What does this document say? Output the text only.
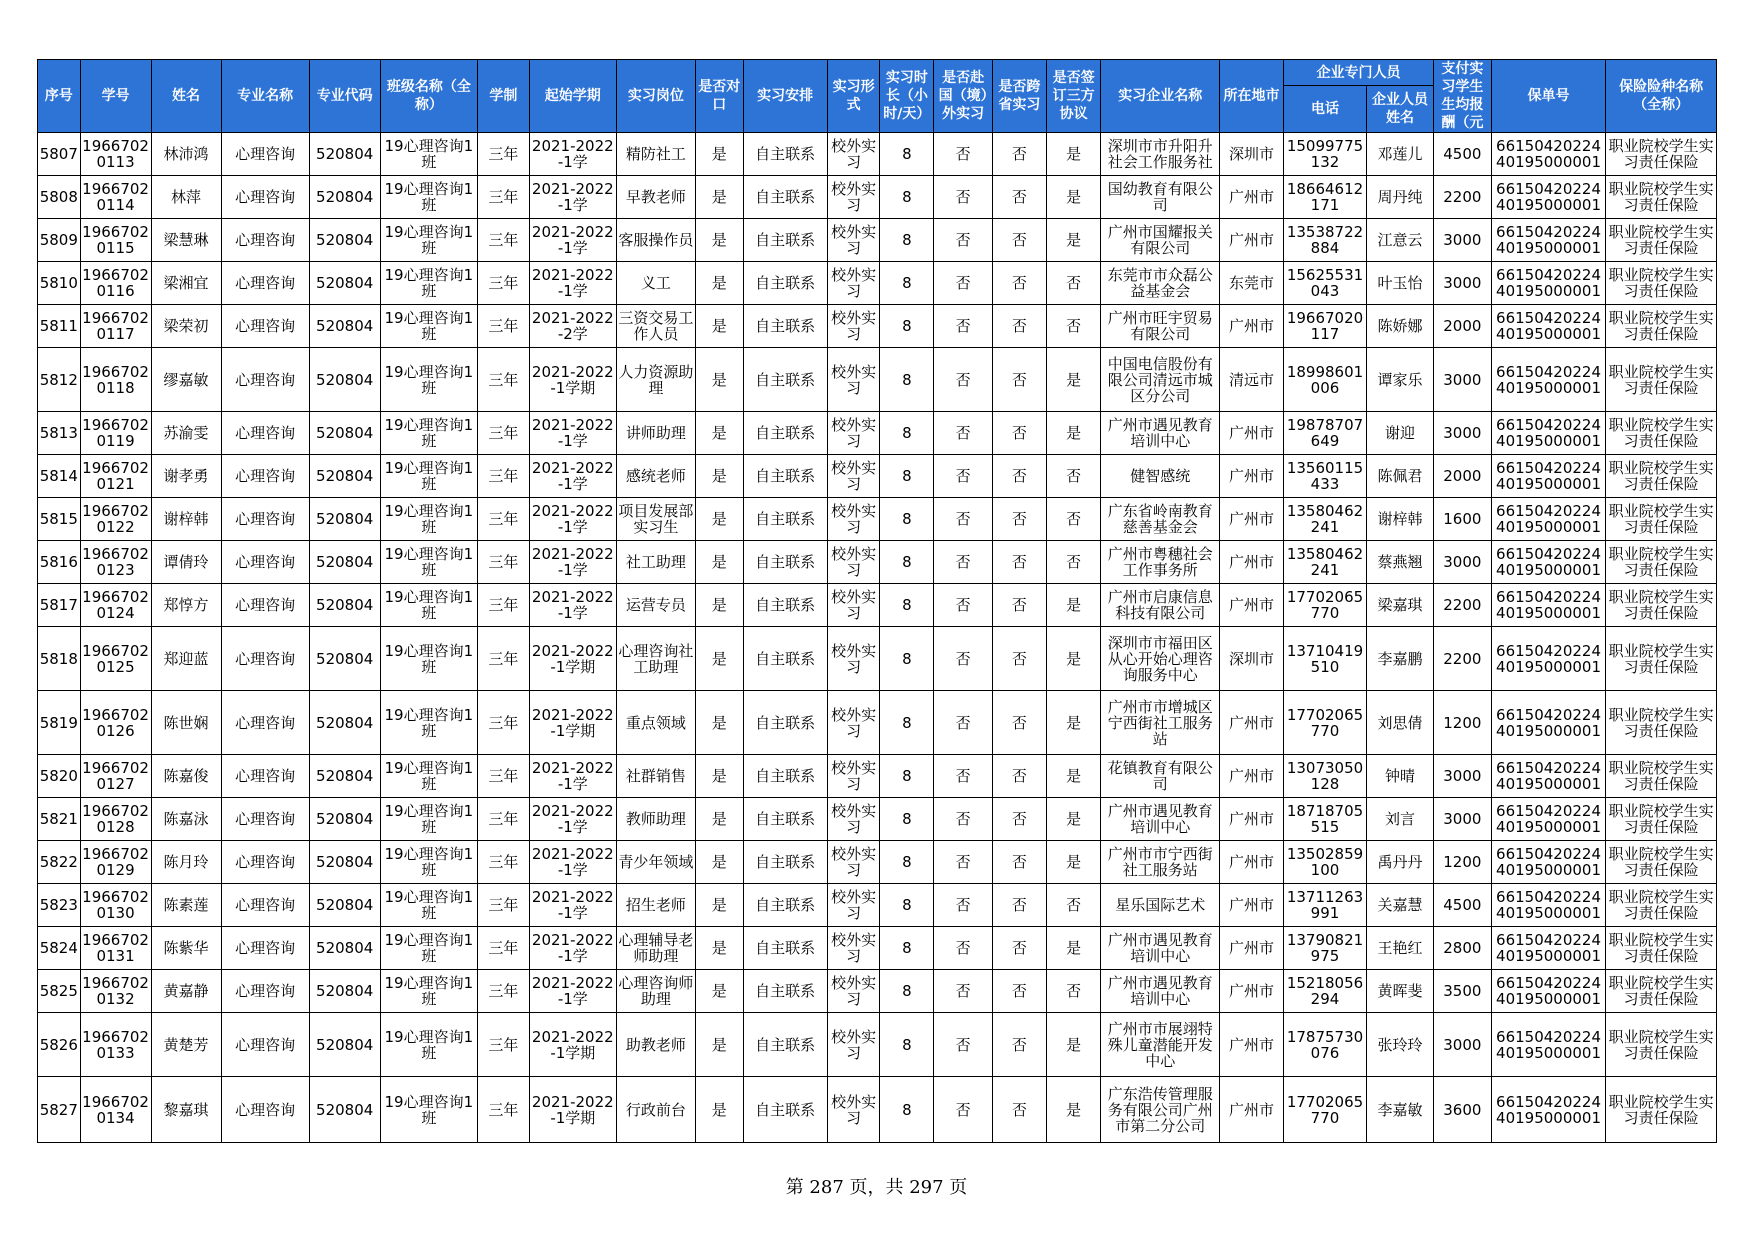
序号	学号	姓名	专业名称	专业代码	班级名称（全称）	学制	起始学期	实习岗位	是否对口	实习安排	实习形式	实习时长（小时/天）	是否赴国（境）外实习	是否跨省实习	是否签订三方协议	实习企业名称	所在地市	企业专门人员		支付实习学生生均报酬（元	保单号	保险险种名称（全称）
																		电话	企业人员姓名			

5807	19667020113	林沛鸿	心理咨询	520804	19心理咨询1班	三年	2021-2022-1学	精防社工	是	自主联系	校外实习	8	否	否	是	深圳市市升阳升社会工作服务社	深圳市	15099775132	邓莲儿	4500	6615042022440195000001	职业院校学生实习责任保险

5808	19667020114	林萍	心理咨询	520804	19心理咨询1班	三年	2021-2022-1学	早教老师	是	自主联系	校外实习	8	否	否	是	国幼教育有限公司	广州市	18664612171	周丹纯	2200	6615042022440195000001	职业院校学生实习责任保险

5809	19667020115	梁慧琳	心理咨询	520804	19心理咨询1班	三年	2021-2022-1学	客服操作员	是	自主联系	校外实习	8	否	否	是	广州市国耀报关有限公司	广州市	13538722884	江意云	3000	6615042022440195000001	职业院校学生实习责任保险

5810	19667020116	梁湘宜	心理咨询	520804	19心理咨询1班	三年	2021-2022-1学	义工	是	自主联系	校外实习	8	否	否	否	东莞市市众磊公益基金会	东莞市	15625531043	叶玉怡	3000	6615042022440195000001	职业院校学生实习责任保险

5811	19667020117	梁荣初	心理咨询	520804	19心理咨询1班	三年	2021-2022-2学	三资交易工作人员	是	自主联系	校外实习	8	否	否	否	广州市旺宇贸易有限公司	广州市	19667020117	陈娇娜	2000	6615042022440195000001	职业院校学生实习责任保险

5812	19667020118	缪嘉敏	心理咨询	520804	19心理咨询1班	三年	2021-2022-1学期	人力资源助理	是	自主联系	校外实习	8	否	否	是	中国电信股份有限公司清远市城区分公司	清远市	18998601006	谭家乐	3000	6615042022440195000001	职业院校学生实习责任保险

5813	19667020119	苏渝雯	心理咨询	520804	19心理咨询1班	三年	2021-2022-1学	讲师助理	是	自主联系	校外实习	8	否	否	是	广州市遇见教育培训中心	广州市	19878707649	谢迎	3000	6615042022440195000001	职业院校学生实习责任保险

5814	19667020121	谢孝勇	心理咨询	520804	19心理咨询1班	三年	2021-2022-1学	感统老师	是	自主联系	校外实习	8	否	否	否	健智感统	广州市	13560115433	陈佩君	2000	6615042022440195000001	职业院校学生实习责任保险

5815	19667020122	谢梓韩	心理咨询	520804	19心理咨询1班	三年	2021-2022-1学	项目发展部实习生	是	自主联系	校外实习	8	否	否	否	广东省岭南教育慈善基金会	广州市	13580462241	谢梓韩	1600	6615042022440195000001	职业院校学生实习责任保险

5816	19667020123	谭倩玲	心理咨询	520804	19心理咨询1班	三年	2021-2022-1学	社工助理	是	自主联系	校外实习	8	否	否	否	广州市粤穗社会工作事务所	广州市	13580462241	蔡燕翘	3000	6615042022440195000001	职业院校学生实习责任保险

5817	19667020124	郑惇方	心理咨询	520804	19心理咨询1班	三年	2021-2022-1学	运营专员	是	自主联系	校外实习	8	否	否	是	广州市启康信息科技有限公司	广州市	17702065770	梁嘉琪	2200	6615042022440195000001	职业院校学生实习责任保险

5818	19667020125	郑迎蓝	心理咨询	520804	19心理咨询1班	三年	2021-2022-1学期	心理咨询社工助理	是	自主联系	校外实习	8	否	否	是	深圳市市福田区从心开始心理咨询服务中心	深圳市	13710419510	李嘉鹏	2200	6615042022440195000001	职业院校学生实习责任保险

5819	19667020126	陈世娴	心理咨询	520804	19心理咨询1班	三年	2021-2022-1学期	重点领域	是	自主联系	校外实习	8	否	否	是	广州市市增城区宁西街社工服务站	广州市	17702065770	刘思倩	1200	6615042022440195000001	职业院校学生实习责任保险

5820	19667020127	陈嘉俊	心理咨询	520804	19心理咨询1班	三年	2021-2022-1学	社群销售	是	自主联系	校外实习	8	否	否	是	花镇教育有限公司	广州市	13073050128	钟晴	3000	6615042022440195000001	职业院校学生实习责任保险

5821	19667020128	陈嘉泳	心理咨询	520804	19心理咨询1班	三年	2021-2022-1学	教师助理	是	自主联系	校外实习	8	否	否	是	广州市遇见教育培训中心	广州市	18718705515	刘言	3000	6615042022440195000001	职业院校学生实习责任保险

5822	19667020129	陈月玲	心理咨询	520804	19心理咨询1班	三年	2021-2022-1学	青少年领域	是	自主联系	校外实习	8	否	否	是	广州市市宁西街社工服务站	广州市	13502859100	禹丹丹	1200	6615042022440195000001	职业院校学生实习责任保险

5823	19667020130	陈素莲	心理咨询	520804	19心理咨询1班	三年	2021-2022-1学	招生老师	是	自主联系	校外实习	8	否	否	否	星乐国际艺术	广州市	13711263991	关嘉慧	4500	6615042022440195000001	职业院校学生实习责任保险

5824	19667020131	陈紫华	心理咨询	520804	19心理咨询1班	三年	2021-2022-1学	心理辅导老师助理	是	自主联系	校外实习	8	否	否	是	广州市遇见教育培训中心	广州市	13790821975	王艳红	2800	6615042022440195000001	职业院校学生实习责任保险

5825	19667020132	黄嘉静	心理咨询	520804	19心理咨询1班	三年	2021-2022-1学	心理咨询师助理	是	自主联系	校外实习	8	否	否	否	广州市遇见教育培训中心	广州市	15218056294	黄晖斐	3500	6615042022440195000001	职业院校学生实习责任保险

5826	19667020133	黄楚芳	心理咨询	520804	19心理咨询1班	三年	2021-2022-1学期	助教老师	是	自主联系	校外实习	8	否	否	是	广州市市展翊特殊儿童潜能开发中心	广州市	17875730076	张玲玲	3000	6615042022440195000001	职业院校学生实习责任保险

5827	19667020134	黎嘉琪	心理咨询	520804	19心理咨询1班	三年	2021-2022-1学期	行政前台	是	自主联系	校外实习	8	否	否	是	广东浩传管理服务有限公司广州市第二分公司	广州市	17702065770	李嘉敏	3600	6615042022440195000001	职业院校学生实习责任保险
第 287 页，共 297 页
